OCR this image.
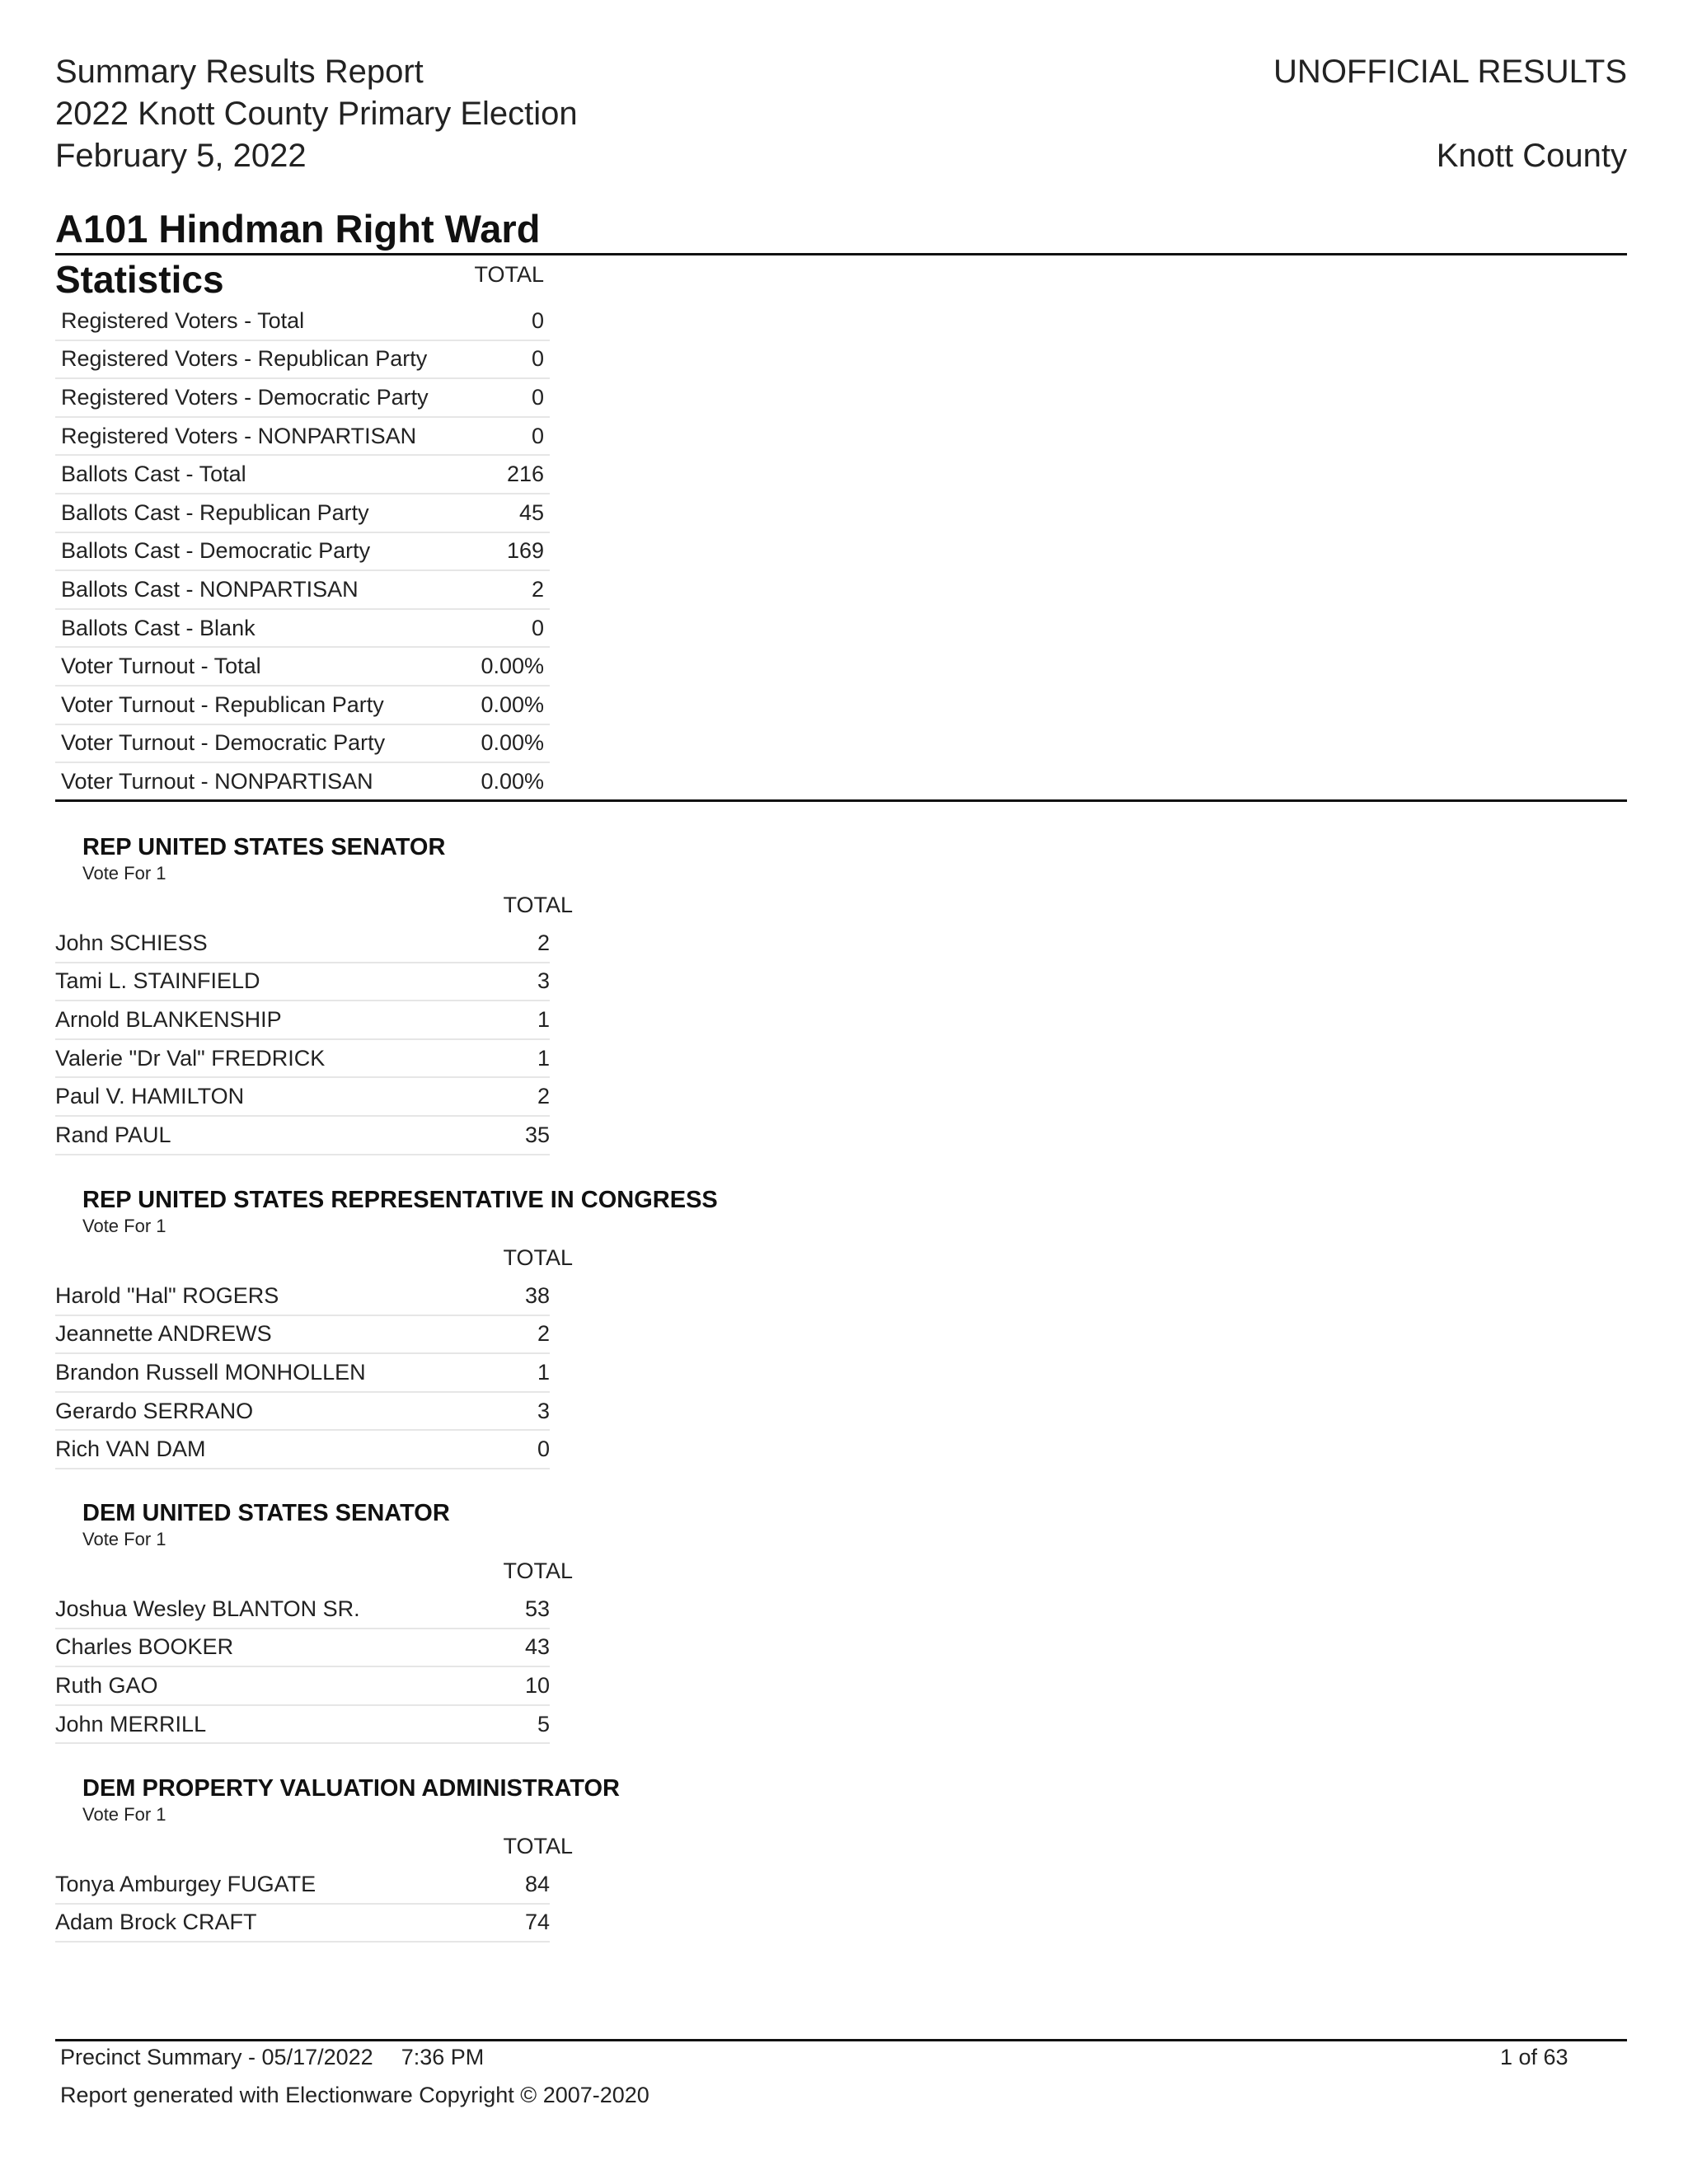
Summary Results Report
2022 Knott County Primary Election
February 5, 2022
UNOFFICIAL RESULTS
Knott County
A101 Hindman Right Ward
Statistics	TOTAL
Registered Voters - Total	0
Registered Voters - Republican Party	0
Registered Voters - Democratic Party	0
Registered Voters - NONPARTISAN	0
Ballots Cast - Total	216
Ballots Cast - Republican Party	45
Ballots Cast - Democratic Party	169
Ballots Cast - NONPARTISAN	2
Ballots Cast - Blank	0
Voter Turnout - Total	0.00%
Voter Turnout - Republican Party	0.00%
Voter Turnout - Democratic Party	0.00%
Voter Turnout - NONPARTISAN	0.00%
REP UNITED STATES SENATOR
Vote For 1
TOTAL
John SCHIESS	2
Tami L. STAINFIELD	3
Arnold BLANKENSHIP	1
Valerie "Dr Val" FREDRICK	1
Paul V. HAMILTON	2
Rand PAUL	35
REP UNITED STATES REPRESENTATIVE IN CONGRESS
Vote For 1
TOTAL
Harold "Hal" ROGERS	38
Jeannette ANDREWS	2
Brandon Russell MONHOLLEN	1
Gerardo SERRANO	3
Rich VAN DAM	0
DEM UNITED STATES SENATOR
Vote For 1
TOTAL
Joshua Wesley BLANTON SR.	53
Charles BOOKER	43
Ruth GAO	10
John MERRILL	5
DEM PROPERTY VALUATION ADMINISTRATOR
Vote For 1
TOTAL
Tonya Amburgey FUGATE	84
Adam Brock CRAFT	74
Precinct Summary - 05/17/2022 7:36 PM	1 of 63
Report generated with Electionware Copyright © 2007-2020
